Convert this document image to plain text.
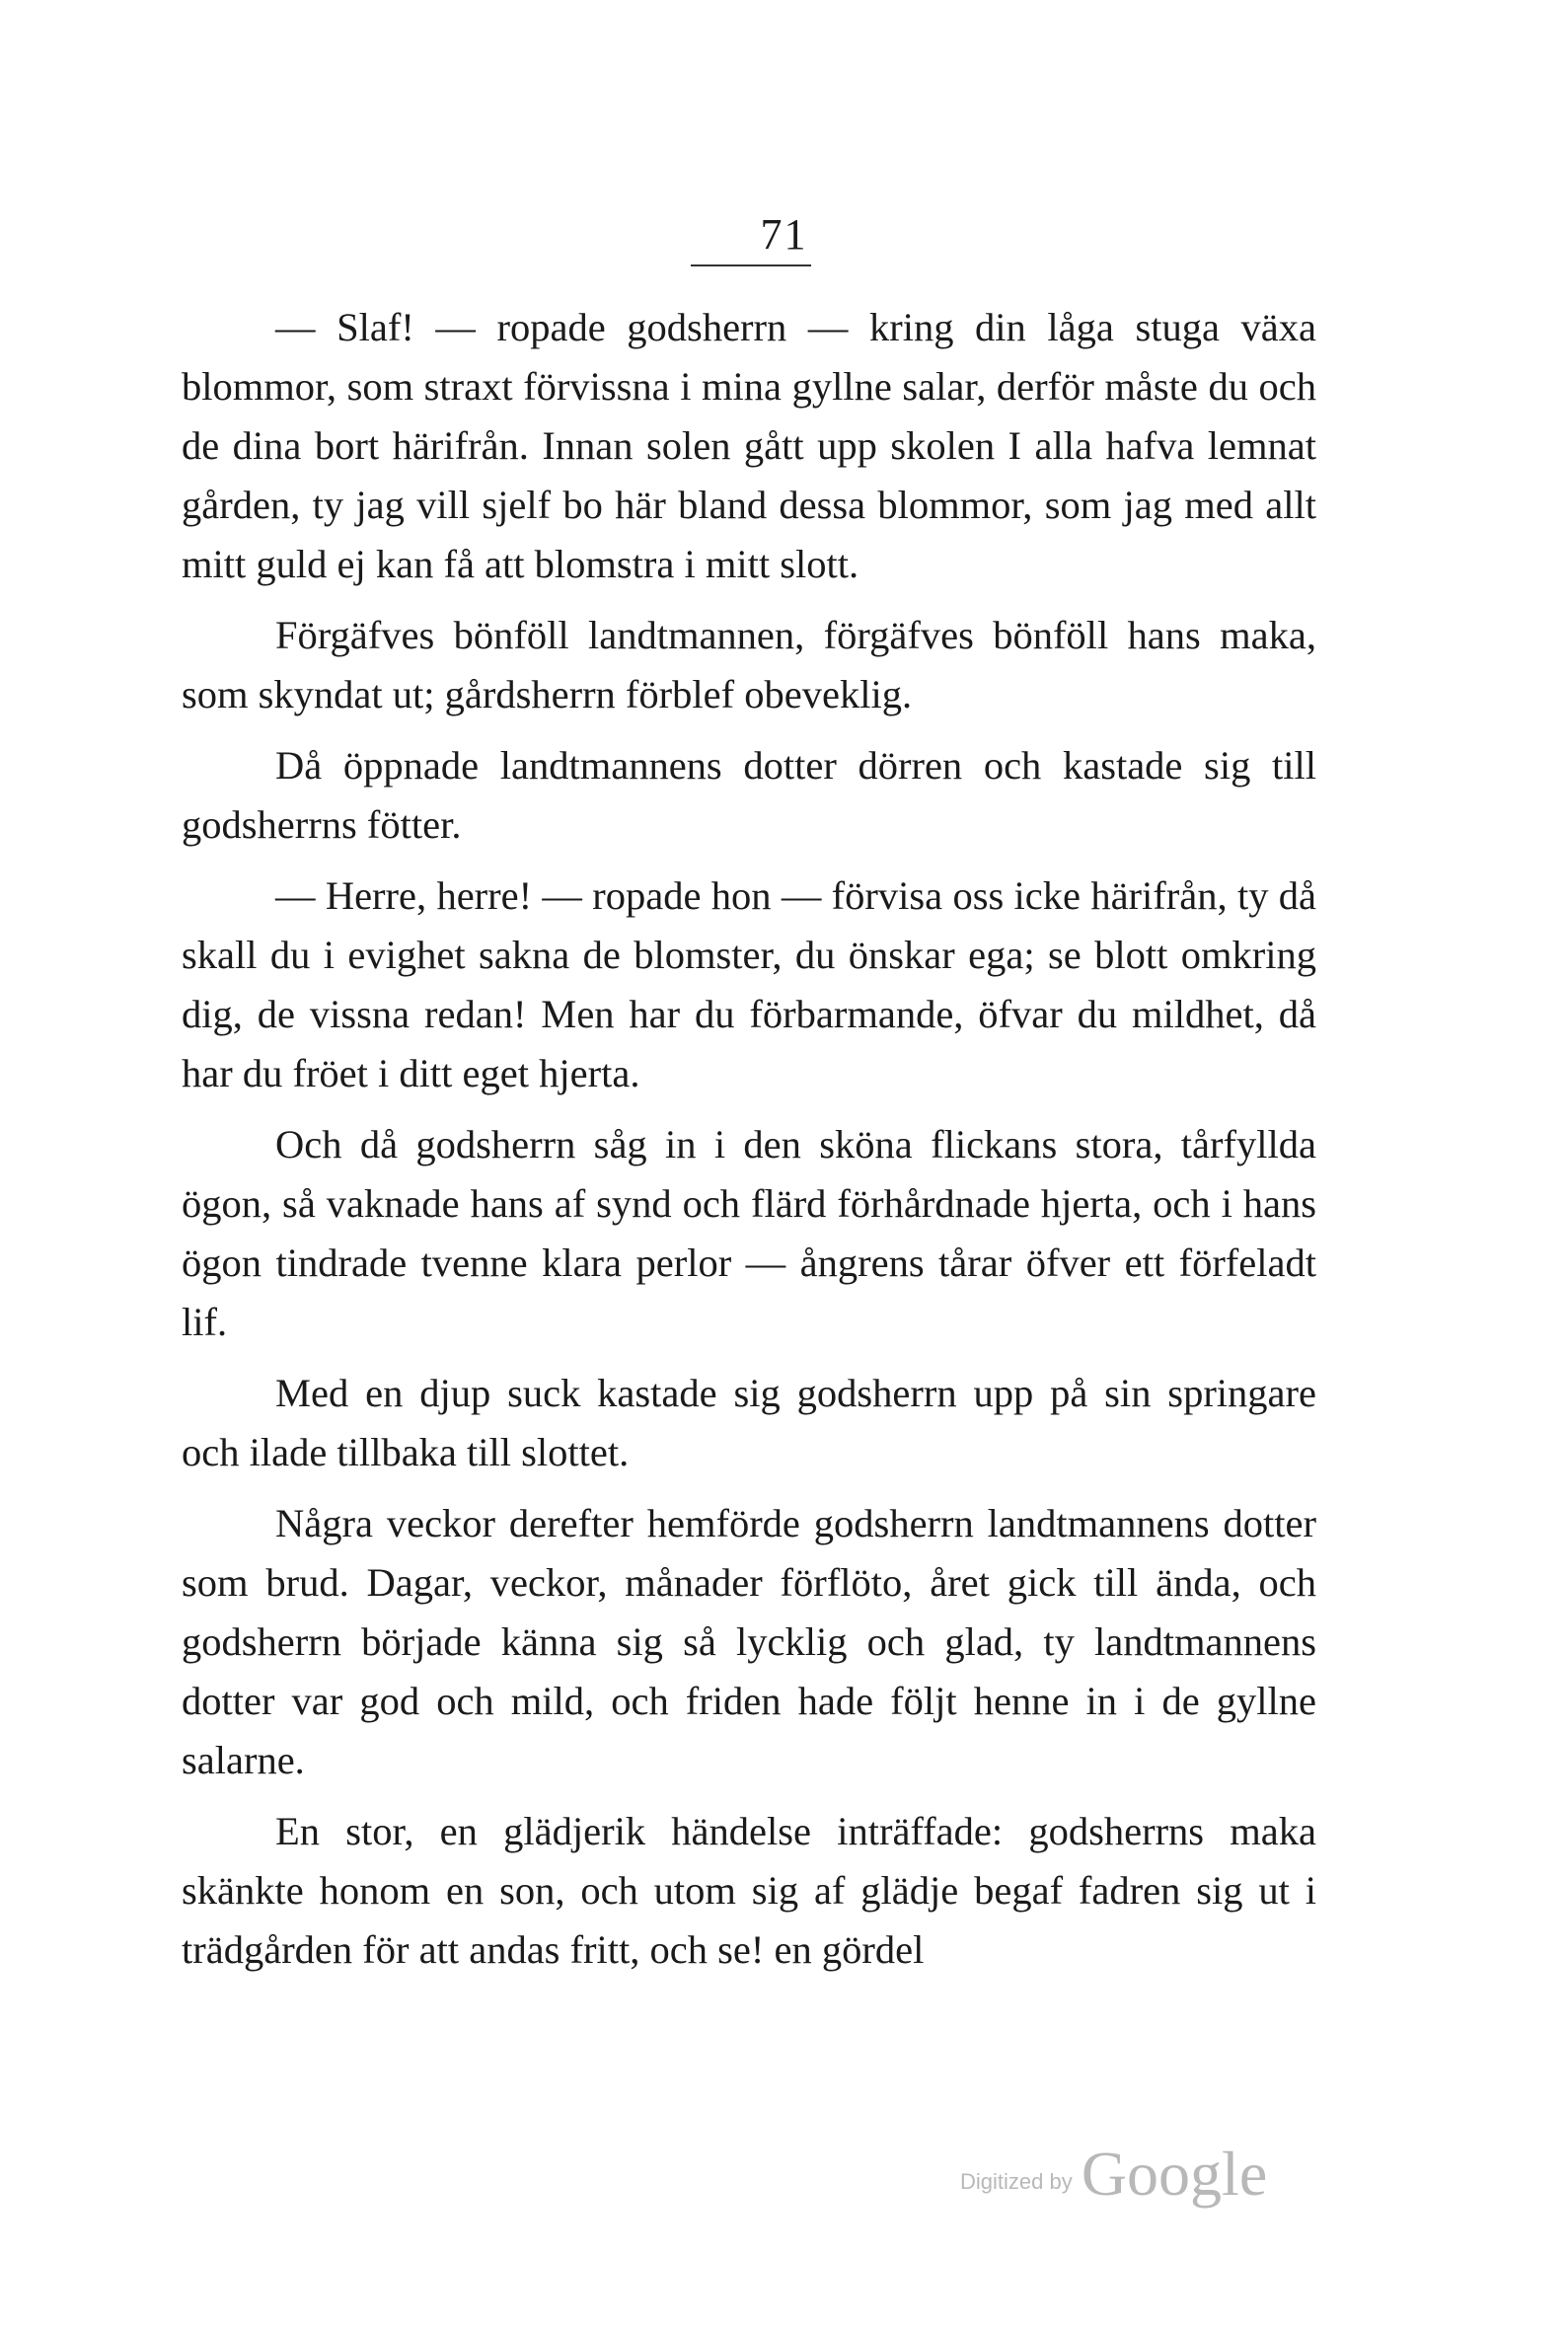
71

— Slaf! — ropade godsherrn — kring din låga stuga växa blommor, som straxt förvissna i mina gyllne salar, derför måste du och de dina bort härifrån. Innan solen gått upp skolen I alla hafva lemnat gården, ty jag vill sjelf bo här bland dessa blommor, som jag med allt mitt guld ej kan få att blomstra i mitt slott.

Förgäfves bönföll landtmannen, förgäfves bönföll hans maka, som skyndat ut; gårdsherrn förblef obeveklig.

Då öppnade landtmannens dotter dörren och kastade sig till godsherrns fötter.

— Herre, herre! — ropade hon — förvisa oss icke härifrån, ty då skall du i evighet sakna de blomster, du önskar ega; se blott omkring dig, de vissna redan! Men har du förbarmande, öfvar du mildhet, då har du fröet i ditt eget hjerta.

Och då godsherrn såg in i den sköna flickans stora, tårfyllda ögon, så vaknade hans af synd och flärd förhårdnade hjerta, och i hans ögon tindrade tvenne klara perlor — ångrens tårar öfver ett förfeladt lif.

Med en djup suck kastade sig godsherrn upp på sin springare och ilade tillbaka till slottet.

Några veckor derefter hemförde godsherrn landtmannens dotter som brud. Dagar, veckor, månader förflöto, året gick till ända, och godsherrn började känna sig så lycklig och glad, ty landtmannens dotter var god och mild, och friden hade följt henne in i de gyllne salarne.

En stor, en glädjerik händelse inträffade: godsherrns maka skänkte honom en son, och utom sig af glädje begaf fadren sig ut i trädgården för att andas fritt, och se! en gördel

Digitized by Google
